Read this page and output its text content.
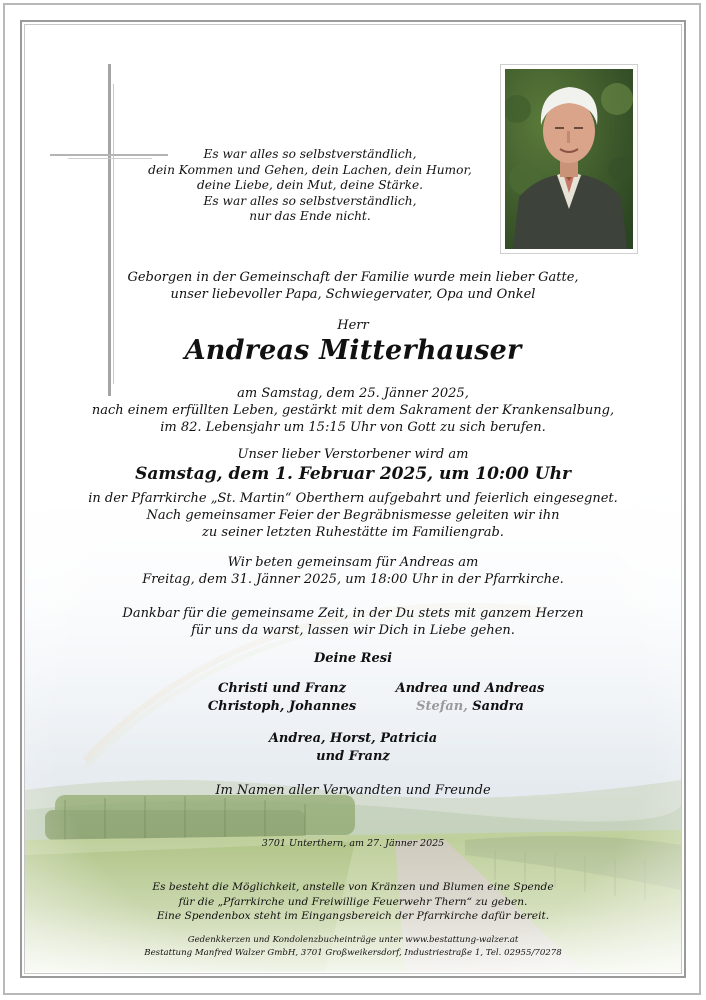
Es war alles so selbstverständlich,
dein Kommen und Gehen, dein Lachen, dein Humor,
deine Liebe, dein Mut, deine Stärke.
Es war alles so selbstverständlich,
nur das Ende nicht.
Geborgen in der Gemeinschaft der Familie wurde mein lieber Gatte,
unser liebevoller Papa, Schwiegervater, Opa und Onkel
Herr
Andreas Mitterhauser
am Samstag, dem 25. Jänner 2025,
nach einem erfüllten Leben, gestärkt mit dem Sakrament der Krankensalbung,
im 82. Lebensjahr um 15:15 Uhr von Gott zu sich berufen.
Unser lieber Verstorbener wird am
Samstag, dem 1. Februar 2025, um 10:00 Uhr
in der Pfarrkirche „St. Martin“ Oberthern aufgebahrt und feierlich eingesegnet.
Nach gemeinsamer Feier der Begräbnismesse geleiten wir ihn
zu seiner letzten Ruhestätte im Familiengrab.
Wir beten gemeinsam für Andreas am
Freitag, dem 31. Jänner 2025, um 18:00 Uhr in der Pfarrkirche.
Dankbar für die gemeinsame Zeit, in der Du stets mit ganzem Herzen
für uns da warst, lassen wir Dich in Liebe gehen.
Deine Resi
Christi und Franz
Christoph, Johannes
Andrea und Andreas
Stefan, Sandra
Andrea, Horst, Patricia
und Franz
Im Namen aller Verwandten und Freunde
3701 Unterthern, am 27. Jänner 2025
Es besteht die Möglichkeit, anstelle von Kränzen und Blumen eine Spende
für die „Pfarrkirche und Freiwillige Feuerwehr Thern“ zu geben.
Eine Spendenbox steht im Eingangsbereich der Pfarrkirche dafür bereit.
Gedenkkerzen und Kondolenzbucheinträge unter www.bestattung-walzer.at
Bestattung Manfred Walzer GmbH, 3701 Großweikersdorf, Industriestraße 1, Tel. 02955/70278
